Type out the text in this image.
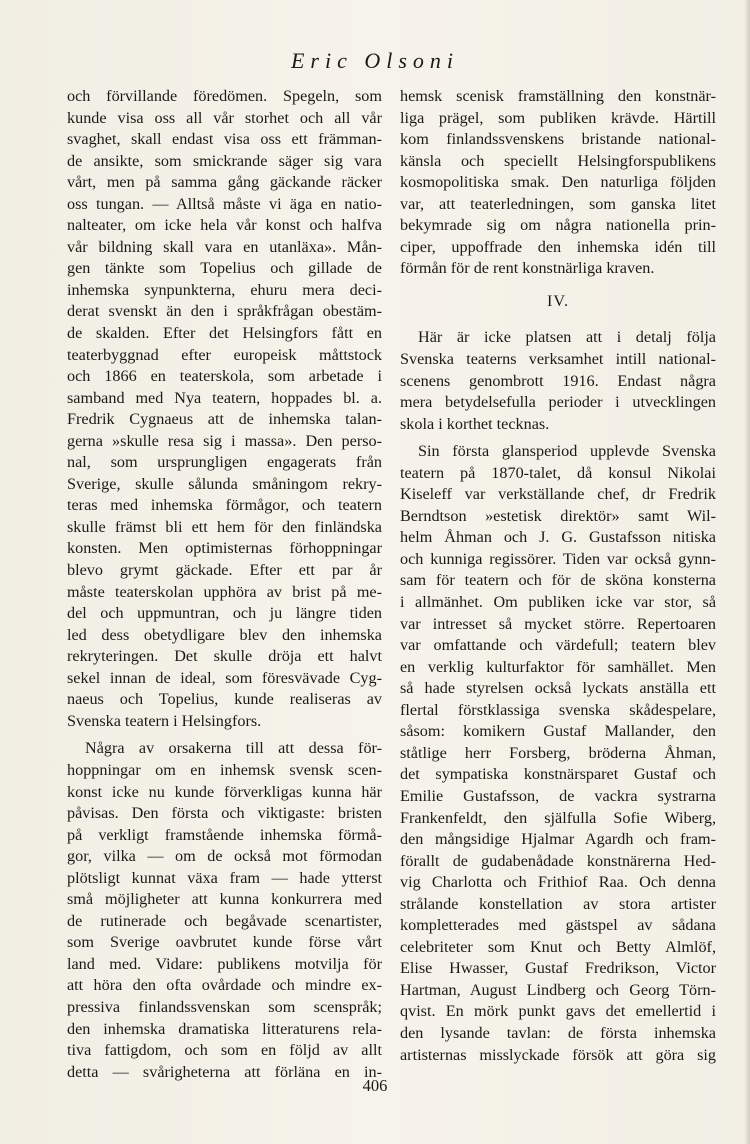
Eric Olsoni
och förvillande föredömen. Spegeln, som
kunde visa oss all vår storhet och all vår
svaghet, skall endast visa oss ett främman-
de ansikte, som smickrande säger sig vara
vårt, men på samma gång gäckande räcker
oss tungan. — Alltså måste vi äga en natio-
nalteater, om icke hela vår konst och halfva
vår bildning skall vara en utanläxa». Mån-
gen tänkte som Topelius och gillade de
inhemska synpunkterna, ehuru mera deci-
derat svenskt än den i språkfrågan obestäm-
de skalden. Efter det Helsingfors fått en
teaterbyggnad efter europeisk måttstock
och 1866 en teaterskola, som arbetade i
samband med Nya teatern, hoppades bl. a.
Fredrik Cygnaeus att de inhemska talan-
gerna »skulle resa sig i massa». Den perso-
nal, som ursprungligen engagerats från
Sverige, skulle sålunda småningom rekry-
teras med inhemska förmågor, och teatern
skulle främst bli ett hem för den finländska
konsten. Men optimisternas förhoppningar
blevo grymt gäckade. Efter ett par år
måste teaterskolan upphöra av brist på me-
del och uppmuntran, och ju längre tiden
led dess obetydligare blev den inhemska
rekryteringen. Det skulle dröja ett halvt
sekel innan de ideal, som föresvävade Cyg-
naeus och Topelius, kunde realiseras av
Svenska teatern i Helsingfors.
Några av orsakerna till att dessa för-
hoppningar om en inhemsk svensk scen-
konst icke nu kunde förverkligas kunna här
påvisas. Den första och viktigaste: bristen
på verkligt framstående inhemska förmå-
gor, vilka — om de också mot förmodan
plötsligt kunnat växa fram — hade ytterst
små möjligheter att kunna konkurrera med
de rutinerade och begåvade scenartister,
som Sverige oavbrutet kunde förse vårt
land med. Vidare: publikens motvilja för
att höra den ofta ovårdade och mindre ex-
pressiva finlandssvenskan som scenspråk;
den inhemska dramatiska litteraturens rela-
tiva fattigdom, och som en följd av allt
detta — svårigheterna att förläna en in-
hemsk scenisk framställning den konstnär-
liga prägel, som publiken krävde. Härtill
kom finlandssvenskens bristande national-
känsla och speciellt Helsingforspublikens
kosmopolitiska smak. Den naturliga följden
var, att teaterledningen, som ganska litet
bekymrade sig om några nationella prin-
ciper, uppoffrade den inhemska idén till
förmån för de rent konstnärliga kraven.
IV.
Här är icke platsen att i detalj följa
Svenska teaterns verksamhet intill national-
scenens genombrott 1916. Endast några
mera betydelsefulla perioder i utvecklingen
skola i korthet tecknas.
Sin första glansperiod upplevde Svenska
teatern på 1870-talet, då konsul Nikolai
Kiseleff var verkställande chef, dr Fredrik
Berndtson »estetisk direktör» samt Wil-
helm Åhman och J. G. Gustafsson nitiska
och kunniga regissörer. Tiden var också gynn-
sam för teatern och för de sköna konsterna
i allmänhet. Om publiken icke var stor, så
var intresset så mycket större. Repertoaren
var omfattande och värdefull; teatern blev
en verklig kulturfaktor för samhället. Men
så hade styrelsen också lyckats anställa ett
flertal förstklassiga svenska skådespelare,
såsom: komikern Gustaf Mallander, den
ståtlige herr Forsberg, bröderna Åhman,
det sympatiska konstnärsparet Gustaf och
Emilie Gustafsson, de vackra systrarna
Frankenfeldt, den själfulla Sofie Wiberg,
den mångsidige Hjalmar Agardh och fram-
förallt de gudabenådade konstnärerna Hed-
vig Charlotta och Frithiof Raa. Och denna
strålande konstellation av stora artister
kompletterades med gästspel av sådana
celebriteter som Knut och Betty Almlöf,
Elise Hwasser, Gustaf Fredrikson, Victor
Hartman, August Lindberg och Georg Törn-
qvist. En mörk punkt gavs det emellertid i
den lysande tavlan: de första inhemska
artisternas misslyckade försök att göra sig
406
